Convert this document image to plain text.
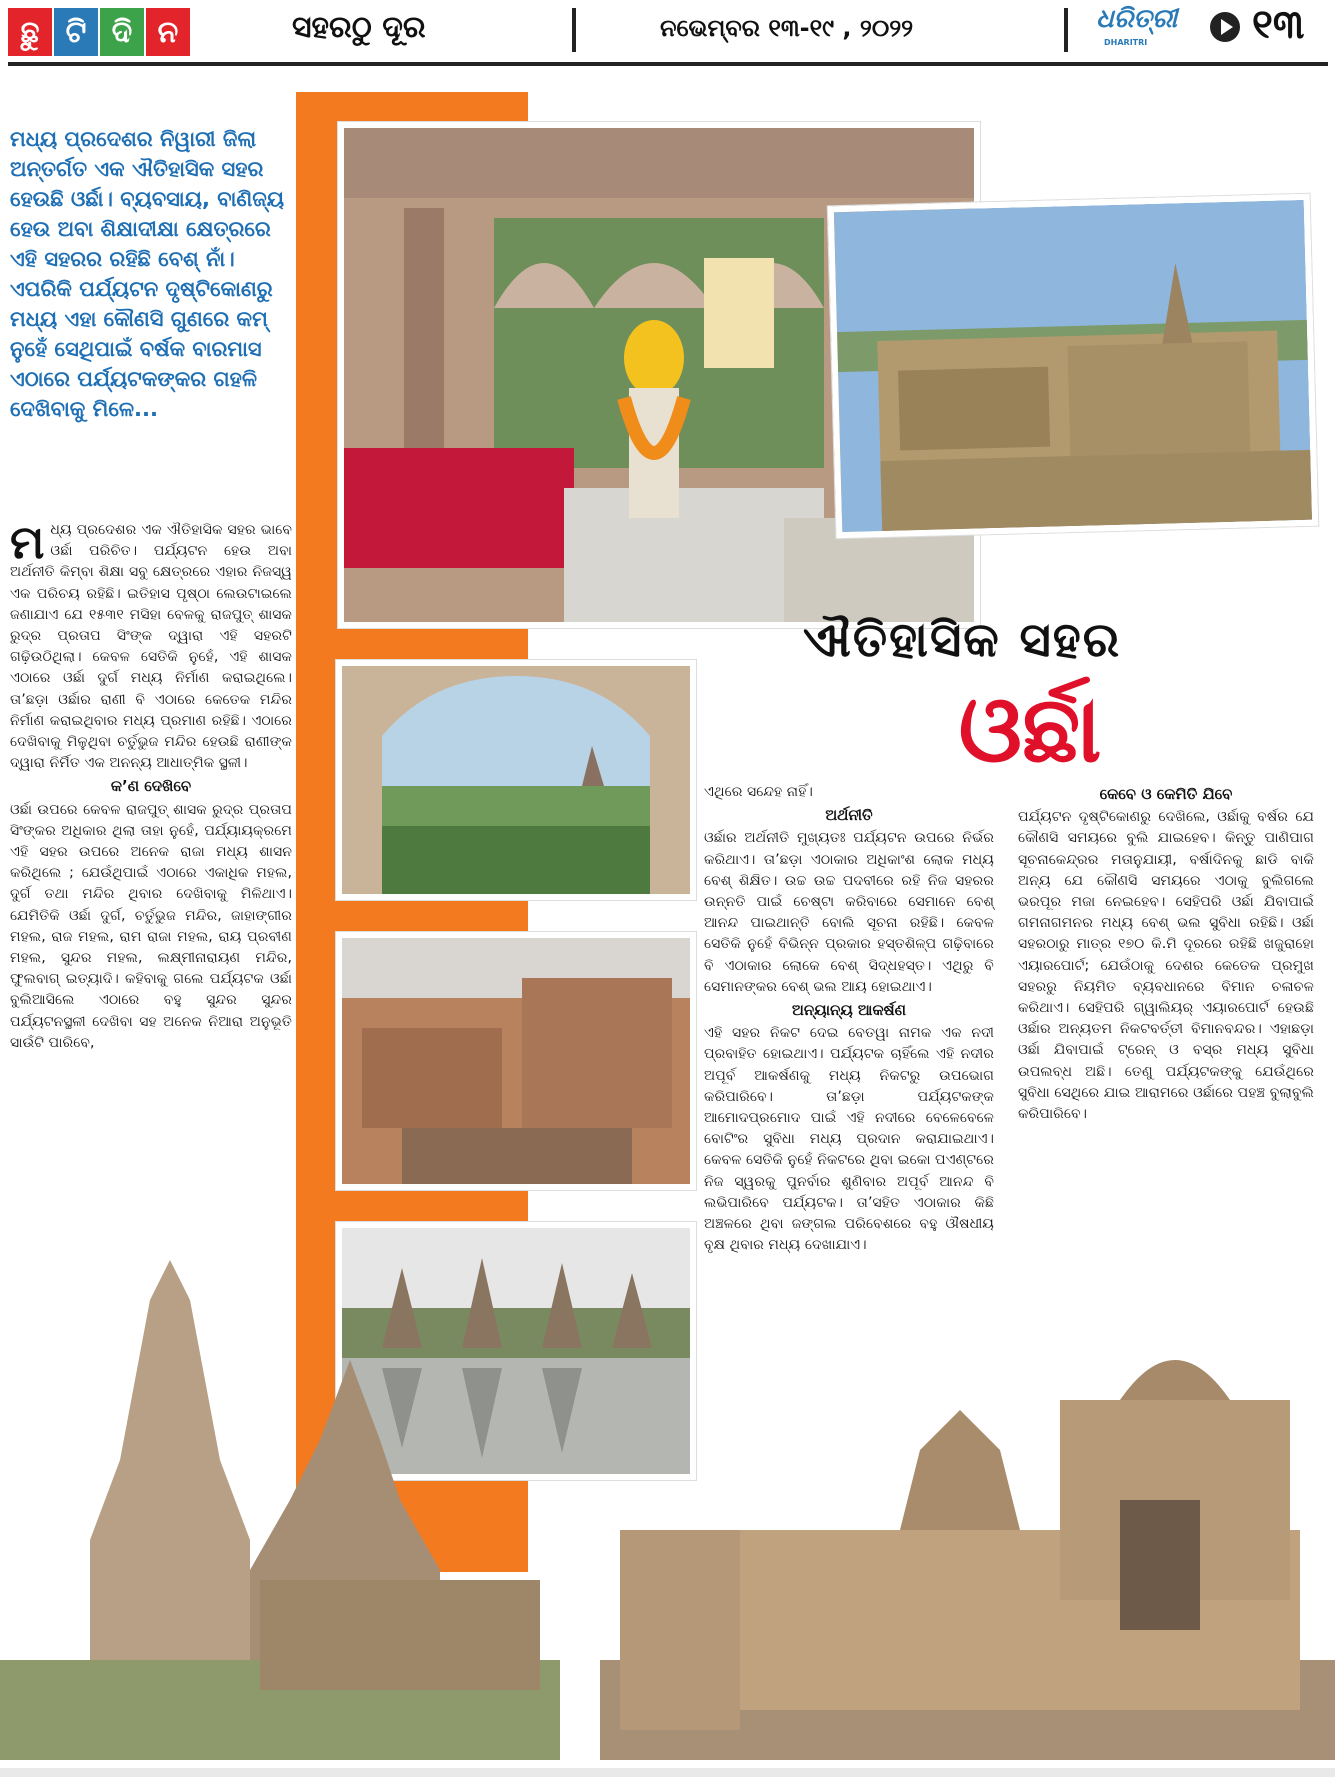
ଛୁ ଟି ଦି ନ	ସହରଠୁ ଦୂର	ନଭେମ୍ବର ୧୩-୧୯ , ୨୦୨୨	ଧରିତ୍ରୀ
DHARITRI	୧୩
ମଧ୍ୟ ପ୍ରଦେଶର ନିୱାରୀ ଜିଲା ଅନ୍ତର୍ଗତ ଏକ ଐତିହାସିକ ସହର ହେଉଛି ଓର୍ଛା। ବ୍ୟବସାୟ, ବାଣିଜ୍ୟ ହେଉ ଅବା ଶିକ୍ଷାଦୀକ୍ଷା କ୍ଷେତ୍ରରେ ଏହି ସହରର ରହିଛି ବେଶ୍ ନାଁ। ଏପରିକି ପର୍ଯ୍ୟଟନ ଦୃଷ୍ଟିକୋଣରୁ ମଧ୍ୟ ଏହା କୌଣସି ଗୁଣରେ କମ୍ ନୁହେଁ ସେଥିପାଇଁ ବର୍ଷକ ବାରମାସ ଏଠାରେ ପର୍ଯ୍ୟଟକଙ୍କର ଗହଳି ଦେଖିବାକୁ ମିଳେ...
ମଧ୍ୟ ପ୍ରଦେଶର ଏକ ଐତିହାସିକ ସହର ଭାବେ ଓର୍ଛା ପରିଚିତ। ପର୍ଯ୍ୟଟନ ହେଉ ଅବା ଅର୍ଥନୀତି କିମ୍ବା ଶିକ୍ଷା ସବୁ କ୍ଷେତ୍ରରେ ଏହାର ନିଜସ୍ୱ ଏକ ପରିଚୟ ରହିଛି। ଇତିହାସ ପୃଷ୍ଠା ଲେଉଟାଇଲେ ଜଣାଯାଏ ଯେ ୧୫୩୧ ମସିହା ବେଳକୁ ରାଜପୁତ୍ ଶାସକ ରୁଦ୍ର ପ୍ରତାପ ସିଂଙ୍କ ଦ୍ୱାରା ଏହି ସହରଟି ଗଢ଼ିଉଠିଥିଲା। କେବଳ ସେତିକି ନୁହେଁ, ଏହି ଶାସକ ଏଠାରେ ଓର୍ଛା ଦୁର୍ଗ ମଧ୍ୟ ନିର୍ମାଣ କରାଇଥିଲେ। ତା’ଛଡ଼ା ଓର୍ଛାର ରାଣୀ ବି ଏଠାରେ କେତେକ ମନ୍ଦିର ନିର୍ମାଣ କରାଇଥିବାର ମଧ୍ୟ ପ୍ରମାଣ ରହିଛି। ଏଠାରେ ଦେଖିବାକୁ ମିଳୁଥିବା ଚର୍ତୁଭୁଜ ମନ୍ଦିର ହେଉଛି ରାଣୀଙ୍କ ଦ୍ୱାରା ନିର୍ମିତ ଏକ ଅନନ୍ୟ ଆଧାତ୍ମିକ ସ୍ଥଳୀ।
କ’ଣ ଦେଖିବେ
ଓର୍ଛା ଉପରେ କେବଳ ରାଜପୁତ୍ ଶାସକ ରୁଦ୍ର ପ୍ରତାପ ସିଂଙ୍କର ଅଧିକାର ଥିଲା ତାହା ନୁହେଁ, ପର୍ଯ୍ୟାୟକ୍ରମେ ଏହି ସହର ଉପରେ ଅନେକ ରାଜା ମଧ୍ୟ ଶାସନ କରିଥିଲେ ; ଯେଉଁଥିପାଇଁ ଏଠାରେ ଏକାଧିକ ମହଲ, ଦୁର୍ଗ ତଥା ମନ୍ଦିର ଥିବାର ଦେଖିବାକୁ ମିଳିଥାଏ। ଯେମିତିକି ଓର୍ଛା ଦୁର୍ଗ, ଚର୍ତୁଭୁଜ ମନ୍ଦିର, ଜାହାଙ୍ଗୀର ମହଲ, ରାଜ ମହଲ, ରାମ ରାଜା ମହଲ, ରାୟ ପ୍ରବୀଣ ମହଲ, ସୁନ୍ଦର ମହଲ, ଲକ୍ଷ୍ମୀନାରାୟଣ ମନ୍ଦିର, ଫୁଲବାଗ୍ ଇତ୍ୟାଦି। କହିବାକୁ ଗଲେ ପର୍ଯ୍ୟଟକ ଓର୍ଛା ବୁଲିଆସିଲେ ଏଠାରେ ବହୁ ସୁନ୍ଦର ସୁନ୍ଦର ପର୍ଯ୍ୟଟନସ୍ଥଳୀ ଦେଖିବା ସହ ଅନେକ ନିଆରା ଅନୁଭୂତି ସାଉଁଟି ପାରିବେ,
ଐତିହାସିକ ସହର
ଓର୍ଛା
ଏଥିରେ ସନ୍ଦେହ ନାହିଁ।
ଅର୍ଥନୀତି
ଓର୍ଛାର ଅର୍ଥନୀତି ମୁଖ୍ୟତଃ ପର୍ଯ୍ୟଟନ ଉପରେ ନିର୍ଭର କରିଥାଏ। ତା’ଛଡ଼ା ଏଠାକାର ଅଧିକାଂଶ ଲୋକ ମଧ୍ୟ ବେଶ୍ ଶିକ୍ଷିତ। ଉଚ୍ଚ ଉଚ୍ଚ ପଦବୀରେ ରହି ନିଜ ସହରର ଉନ୍ନତି ପାଇଁ ଚେଷ୍ଟା କରିବାରେ ସେମାନେ ବେଶ୍ ଆନନ୍ଦ ପାଇଥାନ୍ତି ବୋଲି ସୂଚନା ରହିଛି। କେବଳ ସେତିକି ନୁହେଁ ବିଭିନ୍ନ ପ୍ରକାର ହସ୍ତଶିଳ୍ପ ଗଢ଼ିବାରେ ବି ଏଠାକାର ଲୋକେ ବେଶ୍ ସିଦ୍ଧହସ୍ତ। ଏଥିରୁ ବି ସେମାନଙ୍କର ବେଶ୍ ଭଲ ଆୟ ହୋଇଥାଏ।
ଅନ୍ୟାନ୍ୟ ଆକର୍ଷଣ
ଏହି ସହର ନିକଟ ଦେଇ ବେତୱା ନାମକ ଏକ ନଦୀ ପ୍ରବାହିତ ହୋଇଥାଏ। ପର୍ଯ୍ୟଟକ ଚାହିଁଲେ ଏହି ନଦୀର ଅପୂର୍ବ ଆକର୍ଷଣକୁ ମଧ୍ୟ ନିକଟରୁ ଉପଭୋଗ କରିପାରିବେ। ତା’ଛଡ଼ା ପର୍ଯ୍ୟଟକଙ୍କ ଆମୋଦପ୍ରମୋଦ ପାଇଁ ଏହି ନଦୀରେ ବେଳେବେଳେ ବୋଟିଂର ସୁବିଧା ମଧ୍ୟ ପ୍ରଦାନ କରାଯାଇଥାଏ। କେବଳ ସେତିକି ନୁହେଁ ନିକଟରେ ଥିବା ଇକୋ ପଏଣ୍ଟରେ ନିଜ ସ୍ୱରକୁ ପୁନର୍ବାର ଶୁଣିବାର ଅପୂର୍ବ ଆନନ୍ଦ ବି ଲଭିପାରିବେ ପର୍ଯ୍ୟଟକ। ତା’ସହିତ ଏଠାକାର କିଛି ଅଞ୍ଚଳରେ ଥିବା ଜଙ୍ଗଲ ପରିବେଶରେ ବହୁ ଔଷଧୀୟ ବୃକ୍ଷ ଥିବାର ମଧ୍ୟ ଦେଖାଯାଏ।
କେବେ ଓ କେମିତି ଯିବେ
ପର୍ଯ୍ୟଟନ ଦୃଷ୍ଟିକୋଣରୁ ଦେଖିଲେ, ଓର୍ଛାକୁ ବର୍ଷର ଯେ କୌଣସି ସମୟରେ ବୁଲି ଯାଇହେବ। କିନ୍ତୁ ପାଣିପାଗ ସୂଚନାକେନ୍ଦ୍ରର ମତାନୁଯାୟୀ, ବର୍ଷାଦିନକୁ ଛାଡି ବାକି ଅନ୍ୟ ଯେ କୌଣସି ସମୟରେ ଏଠାକୁ ବୁଲିଗଲେ ଭରପୂର ମଜା ନେଇହେବ। ସେହିପରି ଓର୍ଛା ଯିବାପାଇଁ ଗମନାଗମନର ମଧ୍ୟ ବେଶ୍ ଭଲ ସୁବିଧା ରହିଛି। ଓର୍ଛା ସହରଠାରୁ ମାତ୍ର ୧୭୦ କି.ମି ଦୂରରେ ରହିଛି ଖଜୁରାହୋ ଏୟାରପୋର୍ଟ; ଯେଉଁଠାକୁ ଦେଶର କେତେକ ପ୍ରମୁଖ ସହରରୁ ନିୟମିତ ବ୍ୟବଧାନରେ ବିମାନ ଚଳାଚଳ କରିଥାଏ। ସେହିପରି ଗ୍ୱାଲିୟର୍ ଏୟାରପୋର୍ଟ ହେଉଛି ଓର୍ଛାର ଅନ୍ୟତମ ନିକଟବର୍ତ୍ତୀ ବିମାନବନ୍ଦର। ଏହାଛଡ଼ା ଓର୍ଛା ଯିବାପାଇଁ ଟ୍ରେନ୍ ଓ ବସ୍‌ର ମଧ୍ୟ ସୁବିଧା ଉପଲବ୍ଧ ଅଛି। ତେଣୁ ପର୍ଯ୍ୟଟକଙ୍କୁ ଯେଉଁଥିରେ ସୁବିଧା ସେଥିରେ ଯାଇ ଆରାମରେ ଓର୍ଛାରେ ପହଞ୍ଚ ବୁଲାବୁଲି କରିପାରିବେ।
